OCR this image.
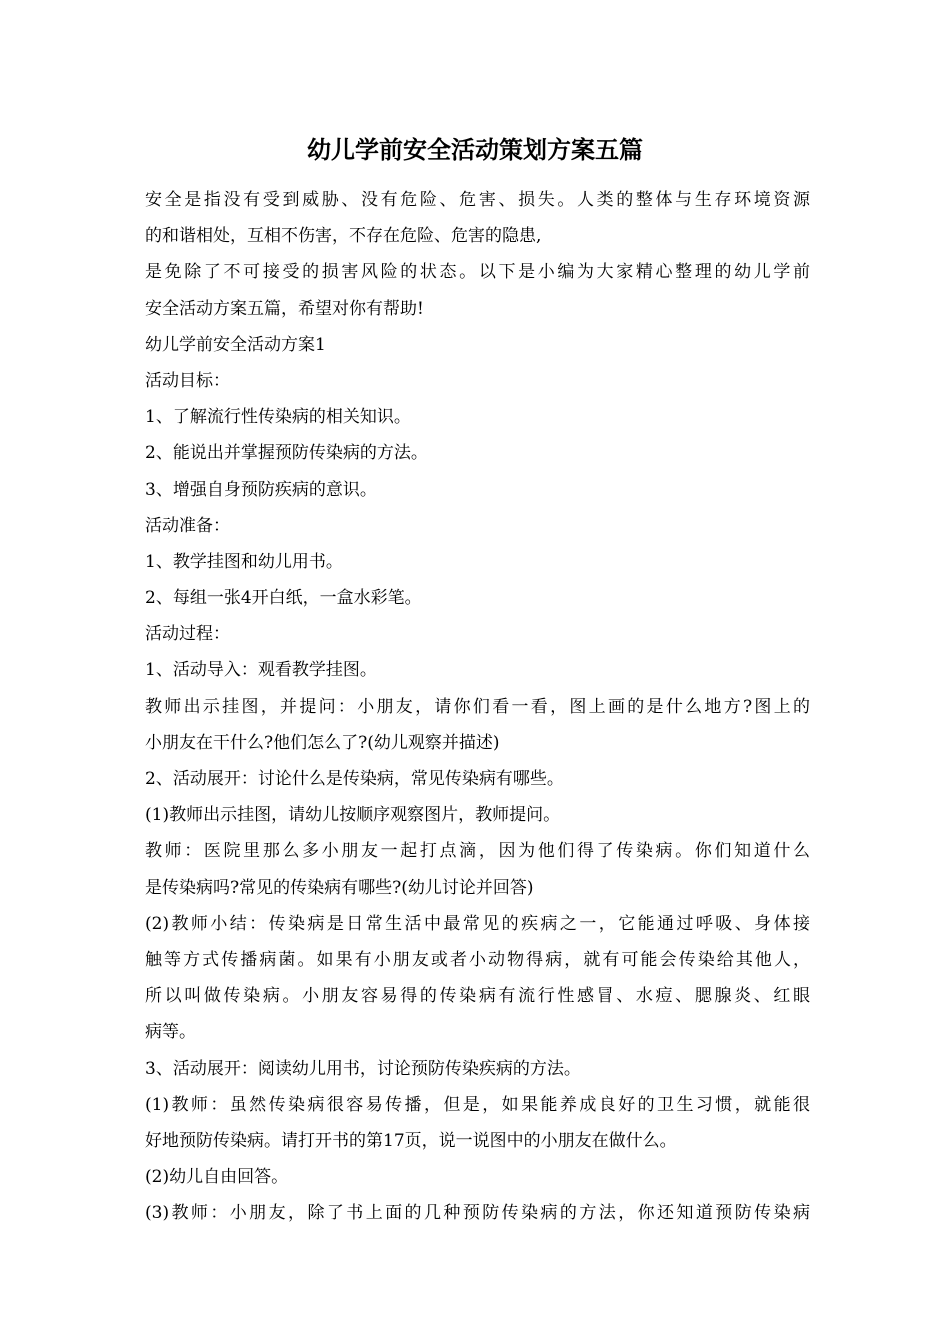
幼儿学前安全活动策划方案五篇
安全是指没有受到威胁、没有危险、危害、损失。人类的整体与生存环境资源
的和谐相处，互相不伤害，不存在危险、危害的隐患,
是免除了不可接受的损害风险的状态。以下是小编为大家精心整理的幼儿学前
安全活动方案五篇，希望对你有帮助!
幼儿学前安全活动方案1
活动目标：
1、了解流行性传染病的相关知识。
2、能说出并掌握预防传染病的方法。
3、增强自身预防疾病的意识。
活动准备：
1、教学挂图和幼儿用书。
2、每组一张4开白纸，一盒水彩笔。
活动过程：
1、活动导入：观看教学挂图。
教师出示挂图，并提问：小朋友，请你们看一看，图上画的是什么地方?图上的
小朋友在干什么?他们怎么了?(幼儿观察并描述)
2、活动展开：讨论什么是传染病，常见传染病有哪些。
(1)教师出示挂图，请幼儿按顺序观察图片，教师提问。
教师：医院里那么多小朋友一起打点滴，因为他们得了传染病。你们知道什么
是传染病吗?常见的传染病有哪些?(幼儿讨论并回答)
(2)教师小结：传染病是日常生活中最常见的疾病之一，它能通过呼吸、身体接
触等方式传播病菌。如果有小朋友或者小动物得病，就有可能会传染给其他人，
所以叫做传染病。小朋友容易得的传染病有流行性感冒、水痘、腮腺炎、红眼
病等。
3、活动展开：阅读幼儿用书，讨论预防传染疾病的方法。
(1)教师：虽然传染病很容易传播，但是，如果能养成良好的卫生习惯，就能很
好地预防传染病。请打开书的第17页，说一说图中的小朋友在做什么。
(2)幼儿自由回答。
(3)教师：小朋友，除了书上面的几种预防传染病的方法，你还知道预防传染病
